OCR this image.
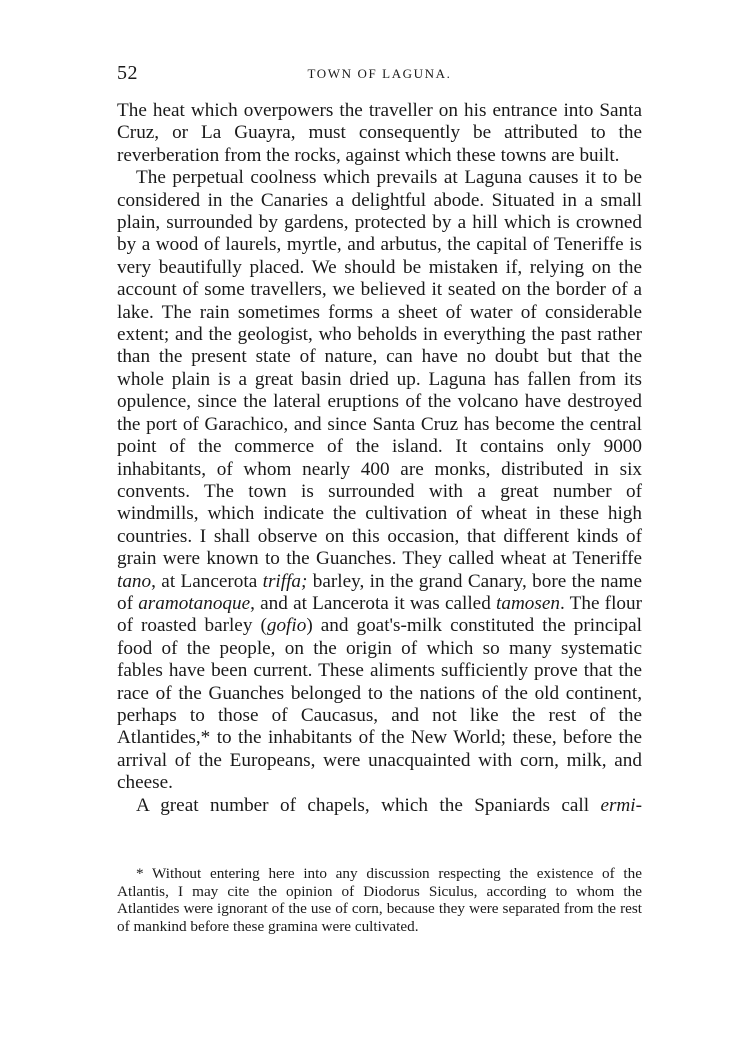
52	TOWN OF LAGUNA.

The heat which overpowers the traveller on his entrance into Santa Cruz, or La Guayra, must consequently be attributed to the reverberation from the rocks, against which these towns are built.

The perpetual coolness which prevails at Laguna causes it to be considered in the Canaries a delightful abode. Situated in a small plain, surrounded by gardens, protected by a hill which is crowned by a wood of laurels, myrtle, and arbutus, the capital of Teneriffe is very beautifully placed. We should be mistaken if, relying on the account of some travellers, we believed it seated on the border of a lake. The rain sometimes forms a sheet of water of considerable extent; and the geologist, who beholds in everything the past rather than the present state of nature, can have no doubt but that the whole plain is a great basin dried up. Laguna has fallen from its opulence, since the lateral eruptions of the volcano have destroyed the port of Garachico, and since Santa Cruz has become the central point of the commerce of the island. It contains only 9000 inhabitants, of whom nearly 400 are monks, distributed in six convents. The town is surrounded with a great number of windmills, which indicate the cultivation of wheat in these high countries. I shall observe on this occasion, that different kinds of grain were known to the Guanches. They called wheat at Teneriffe tano, at Lancerota triffa; barley, in the grand Canary, bore the name of aramotanoque, and at Lancerota it was called tamosen. The flour of roasted barley (gofio) and goat's-milk constituted the principal food of the people, on the origin of which so many systematic fables have been current. These aliments sufficiently prove that the race of the Guanches belonged to the nations of the old continent, perhaps to those of Caucasus, and not like the rest of the Atlantides,* to the inhabitants of the New World; these, before the arrival of the Europeans, were unacquainted with corn, milk, and cheese.

A great number of chapels, which the Spaniards call ermi-

* Without entering here into any discussion respecting the existence of the Atlantis, I may cite the opinion of Diodorus Siculus, according to whom the Atlantides were ignorant of the use of corn, because they were separated from the rest of mankind before these gramina were cultivated.
